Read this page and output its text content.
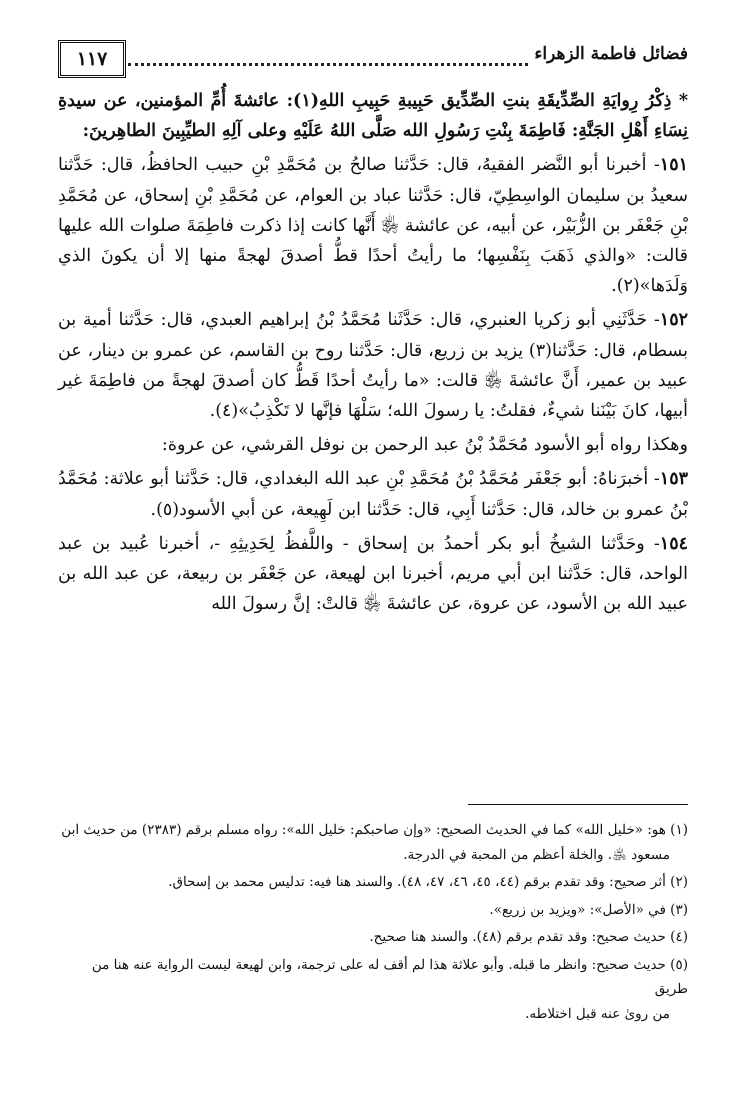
١١٧	فضائل فاطمة الزهراء

* ذِكْرُ رِوايَةِ الصِّدِّيقَةِ بنتِ الصِّدِّيق حَبِيبةِ حَبِيبِ اللهِ(١): عائشةَ أُمِّ المؤمنين، عن سيدةِ نِسَاءِ أَهْلِ الجَنَّةِ: فَاطِمَةَ بِنْتِ رَسُولِ الله صَلَّى اللهُ عَلَيْهِ وعلى آلِهِ الطيِّبِينَ الطاهِرينَ:

١٥١- أخبرنا أبو النَّضر الفقيهُ، قال: حَدَّثنا صالحُ بن مُحَمَّدِ بْنِ حبيب الحافظُ، قال: حَدَّثنا سعيدُ بن سليمان الواسِطِيّ، قال: حَدَّثنا عباد بن العوام، عن مُحَمَّدِ بْنِ إسحاق، عن مُحَمَّدِ بْنِ جَعْفَر بن الزُّبَيْر، عن أبيه، عن عائشة ﵂ أَنَّها كانت إذا ذكرت فاطِمَةَ صلوات الله عليها قالت: «والذي ذَهَبَ بِنَفْسِها؛ ما رأيتُ أحدًا قطُّ أصدقَ لهجةً منها إلا أن يكونَ الذي وَلَدَها»(٢).

١٥٢- حَدَّثَنِي أبو زكريا العنبري، قال: حَدَّثَنا مُحَمَّدُ بْنُ إبراهيم العبدي، قال: حَدَّثنا أمية بن بسطام، قال: حَدَّثنا(٣) يزيد بن زريع، قال: حَدَّثنا روح بن القاسم، عن عمرو بن دينار، عن عبيد بن عمير، أَنَّ عائشةَ ﵂ قالت: «ما رأيتُ أحدًا قَطُّ كان أصدقَ لهجةً من فاطِمَةَ غير أبيها، كانَ بَيْنَنا شيءٌ، فقلتُ: يا رسولَ الله؛ سَلْهَا فإنَّها لا تَكْذِبُ»(٤).

وهكذا رواه أبو الأسود مُحَمَّدُ بْنُ عبد الرحمن بن نوفل القرشي، عن عروة:

١٥٣- أخبرَناهُ: أبو جَعْفَر مُحَمَّدُ بْنُ مُحَمَّدِ بْنِ عبد الله البغدادي، قال: حَدَّثنا أبو علاثة: مُحَمَّدُ بْنُ عمرو بن خالد، قال: حَدَّثنا أَبِي، قال: حَدَّثنا ابن لَهِيعة، عن أبي الأسود(٥).

١٥٤- وحَدَّثنا الشيخُ أبو بكر أحمدُ بن إسحاق - واللَّفظُ لِحَدِيثِهِ -، أخبرنا عُبيد بن عبد الواحد، قال: حَدَّثنا ابن أبي مريم، أخبرنا ابن لهيعة، عن جَعْفَر بن ربيعة، عن عبد الله بن عبيد الله بن الأسود، عن عروة، عن عائشةَ ﵂ قالتْ: إنَّ رسولَ الله

(١) هو: «خليل الله» كما في الحديث الصحيح: «وإن صاحبكم: خليل الله»: رواه مسلم برقم (٢٣٨٣) من حديث ابن
مسعود ﵁. والخلة أعظم من المحبة في الدرجة.

(٢) أثر صحيح: وقد تقدم برقم (٤٤، ٤٥، ٤٦، ٤٧، ٤٨). والسند هنا فيه: تدليس محمد بن إسحاق.

(٣) في «الأصل»: «ويزيد بن زريع».

(٤) حديث صحيح: وقد تقدم برقم (٤٨). والسند هنا صحيح.

(٥) حديث صحيح: وانظر ما قبله. وأبو علاثة هذا لم أقف له على ترجمة، وابن لهيعة ليست الرواية عنه هنا من طريق
من روىٰ عنه قبل اختلاطه.
